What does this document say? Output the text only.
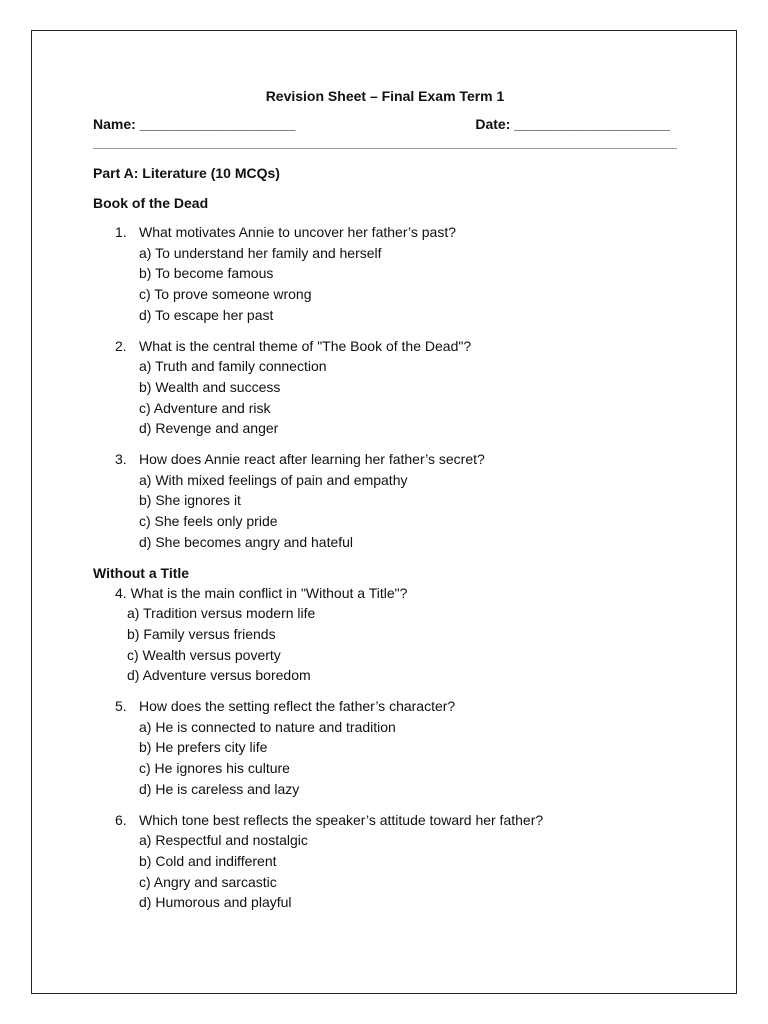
Revision Sheet – Final Exam Term 1
Name: ____________________	Date: ____________________
Part A: Literature (10 MCQs)
Book of the Dead
1. What motivates Annie to uncover her father’s past?
a) To understand her family and herself
b) To become famous
c) To prove someone wrong
d) To escape her past
2. What is the central theme of "The Book of the Dead"?
a) Truth and family connection
b) Wealth and success
c) Adventure and risk
d) Revenge and anger
3. How does Annie react after learning her father’s secret?
a) With mixed feelings of pain and empathy
b) She ignores it
c) She feels only pride
d) She becomes angry and hateful
Without a Title
4. What is the main conflict in "Without a Title"?
a) Tradition versus modern life
b) Family versus friends
c) Wealth versus poverty
d) Adventure versus boredom
5. How does the setting reflect the father’s character?
a) He is connected to nature and tradition
b) He prefers city life
c) He ignores his culture
d) He is careless and lazy
6. Which tone best reflects the speaker’s attitude toward her father?
a) Respectful and nostalgic
b) Cold and indifferent
c) Angry and sarcastic
d) Humorous and playful
